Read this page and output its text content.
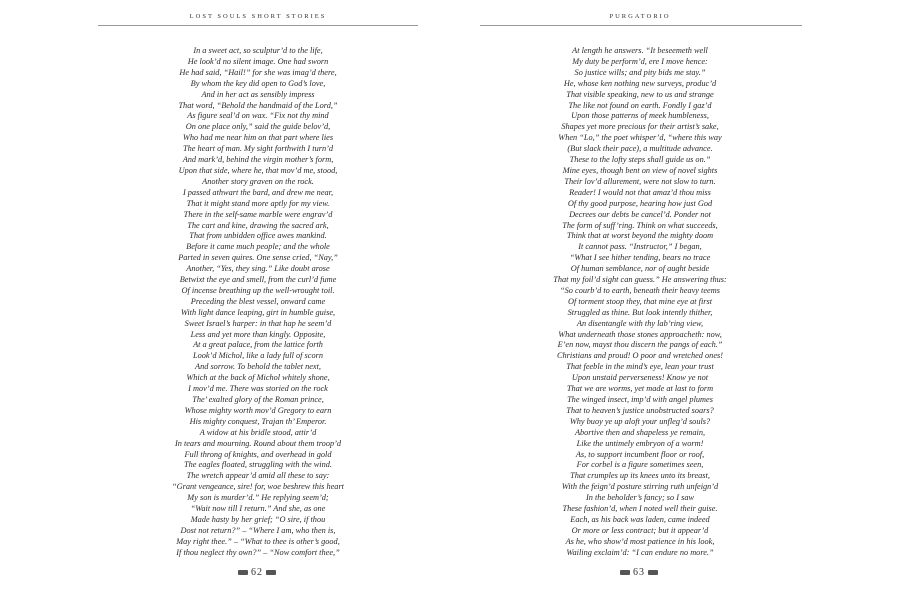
LOST SOULS SHORT STORIES
In a sweet act, so sculptur’d to the life,
He look’d no silent image. One had sworn
He had said, “Hail!” for she was imag’d there,
By whom the key did open to God’s love,
And in her act as sensibly impress
That word, “Behold the handmaid of the Lord,”
As figure seal’d on wax. “Fix not thy mind
On one place only,” said the guide belov’d,
Who had me near him on that part where lies
The heart of man. My sight forthwith I turn’d
And mark’d, behind the virgin mother’s form,
Upon that side, where he, that mov’d me, stood,
Another story graven on the rock.
I passed athwart the bard, and drew me near,
That it might stand more aptly for my view.
There in the self-same marble were engrav’d
The cart and kine, drawing the sacred ark,
That from unbidden office awes mankind.
Before it came much people; and the whole
Parted in seven quires. One sense cried, “Nay,”
Another, “Yes, they sing.” Like doubt arose
Betwixt the eye and smell, from the curl’d fume
Of incense breathing up the well-wrought toil.
Preceding the blest vessel, onward came
With light dance leaping, girt in humble guise,
Sweet Israel’s harper: in that hap he seem’d
Less and yet more than kingly. Opposite,
At a great palace, from the lattice forth
Look’d Michol, like a lady full of scorn
And sorrow. To behold the tablet next,
Which at the back of Michol whitely shone,
I mov’d me. There was storied on the rock
The’ exalted glory of the Roman prince,
Whose mighty worth mov’d Gregory to earn
His mighty conquest, Trajan th’ Emperor.
A widow at his bridle stood, attir’d
In tears and mourning. Round about them troop’d
Full throng of knights, and overhead in gold
The eagles floated, struggling with the wind.
The wretch appear’d amid all these to say:
“Grant vengeance, sire! for, woe beshrew this heart
My son is murder’d.” He replying seem’d;
“Wait now till I return.” And she, as one
Made hasty by her grief; “O sire, if thou
Dost not return?” – “Where I am, who then is,
May right thee.” – “What to thee is other’s good,
If thou neglect thy own?” – “Now comfort thee,”
62
PURGATORIO
At length he answers. “It beseemeth well
My duty be perform’d, ere I move hence:
So justice wills; and pity bids me stay.”
He, whose ken nothing new surveys, produc’d
That visible speaking, new to us and strange
The like not found on earth. Fondly I gaz’d
Upon those patterns of meek humbleness,
Shapes yet more precious for their artist’s sake,
When “Lo,” the poet whisper’d, “where this way
(But slack their pace), a multitude advance.
These to the lofty steps shall guide us on.”
Mine eyes, though bent on view of novel sights
Their lov’d allurement, were not slow to turn.
Reader! I would not that amaz’d thou miss
Of thy good purpose, hearing how just God
Decrees our debts be cancel’d. Ponder not
The form of suff’ring. Think on what succeeds,
Think that at worst beyond the mighty doom
It cannot pass. “Instructor,” I began,
“What I see hither tending, bears no trace
Of human semblance, nor of aught beside
That my foil’d sight can guess.” He answering thus:
“So courb’d to earth, beneath their heavy teems
Of torment stoop they, that mine eye at first
Struggled as thine. But look intently thither,
An disentangle with thy lab’ring view,
What underneath those stones approacheth: now,
E’en now, mayst thou discern the pangs of each.”
Christians and proud! O poor and wretched ones!
That feeble in the mind’s eye, lean your trust
Upon unstaid perverseness! Know ye not
That we are worms, yet made at last to form
The winged insect, imp’d with angel plumes
That to heaven’s justice unobstructed soars?
Why buoy ye up aloft your unfleg’d souls?
Abortive then and shapeless ye remain,
Like the untimely embryon of a worm!
As, to support incumbent floor or roof,
For corbel is a figure sometimes seen,
That crumples up its knees unto its breast,
With the feign’d posture stirring ruth unfeign’d
In the beholder’s fancy; so I saw
These fashion’d, when I noted well their guise.
Each, as his back was laden, came indeed
Or more or less contract; but it appear’d
As he, who show’d most patience in his look,
Wailing exclaim’d: “I can endure no more.”
63
